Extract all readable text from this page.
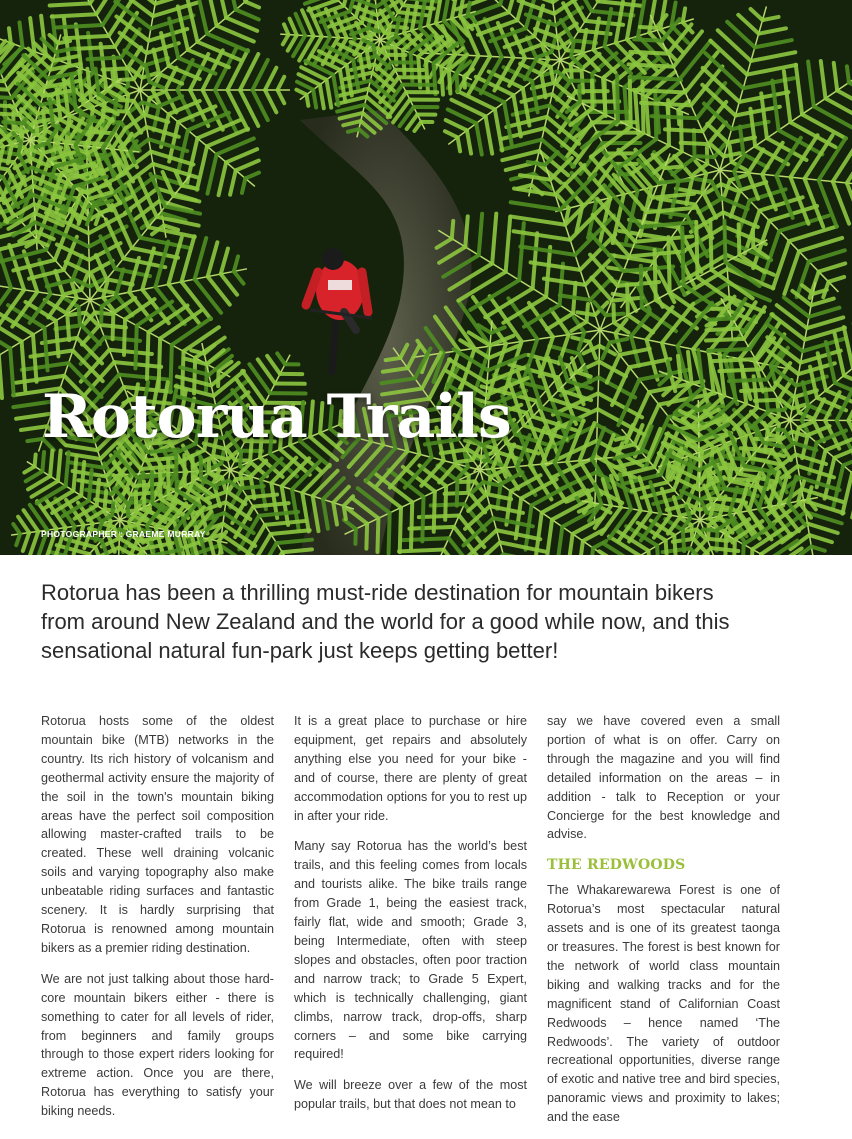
Rotorua Trails
PHOTOGRAPHER : GRAEME MURRAY
Rotorua has been a thrilling must-ride destination for mountain bikers from around New Zealand and the world for a good while now, and this sensational natural fun-park just keeps getting better!

Rotorua hosts some of the oldest mountain bike (MTB) networks in the country. Its rich history of volcanism and geothermal activity ensure the majority of the soil in the town's mountain biking areas have the perfect soil composition allowing master-crafted trails to be created. These well draining volcanic soils and varying topography also make unbeatable riding surfaces and fantastic scenery. It is hardly surprising that Rotorua is renowned among mountain bikers as a premier riding destination.

We are not just talking about those hard-core mountain bikers either - there is something to cater for all levels of rider, from beginners and family groups through to those expert riders looking for extreme action. Once you are there, Rotorua has everything to satisfy your biking needs.

It is a great place to purchase or hire equipment, get repairs and absolutely anything else you need for your bike - and of course, there are plenty of great accommodation options for you to rest up in after your ride.

Many say Rotorua has the world’s best trails, and this feeling comes from locals and tourists alike. The bike trails range from Grade 1, being the easiest track, fairly flat, wide and smooth; Grade 3, being Intermediate, often with steep slopes and obstacles, often poor traction and narrow track; to Grade 5 Expert, which is technically challenging, giant climbs, narrow track, drop-offs, sharp corners – and some bike carrying required!

We will breeze over a few of the most popular trails, but that does not mean to

say we have covered even a small portion of what is on offer. Carry on through the magazine and you will find detailed information on the areas – in addition - talk to Reception or your Concierge for the best knowledge and advise.

THE REDWOODS

The Whakarewarewa Forest is one of Rotorua’s most spectacular natural assets and is one of its greatest taonga or treasures. The forest is best known for the network of world class mountain biking and walking tracks and for the magnificent stand of Californian Coast Redwoods – hence named ‘The Redwoods’. The variety of outdoor recreational opportunities, diverse range of exotic and native tree and bird species, panoramic views and proximity to lakes; and the ease
